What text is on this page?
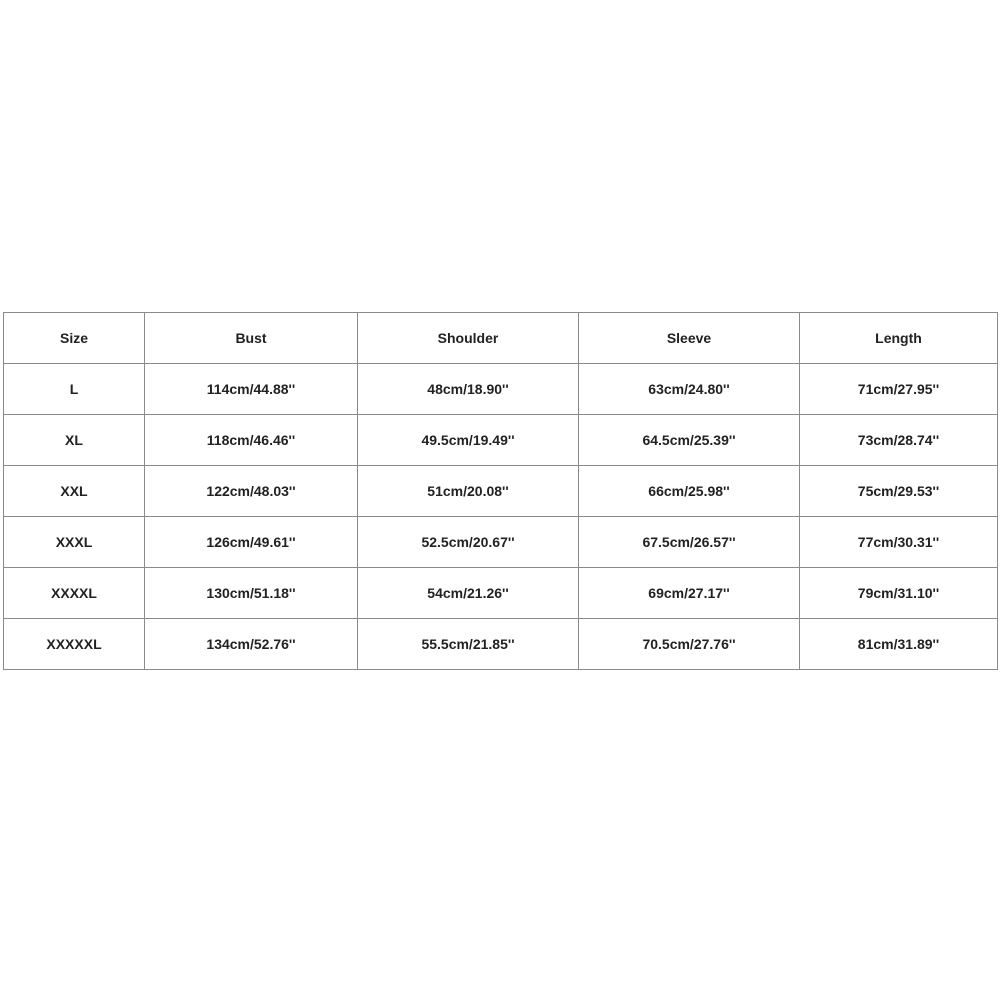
Size	Bust	Shoulder	Sleeve	Length
L	114cm/44.88''	48cm/18.90''	63cm/24.80''	71cm/27.95''
XL	118cm/46.46''	49.5cm/19.49''	64.5cm/25.39''	73cm/28.74''
XXL	122cm/48.03''	51cm/20.08''	66cm/25.98''	75cm/29.53''
XXXL	126cm/49.61''	52.5cm/20.67''	67.5cm/26.57''	77cm/30.31''
XXXXL	130cm/51.18''	54cm/21.26''	69cm/27.17''	79cm/31.10''
XXXXXL	134cm/52.76''	55.5cm/21.85''	70.5cm/27.76''	81cm/31.89''
